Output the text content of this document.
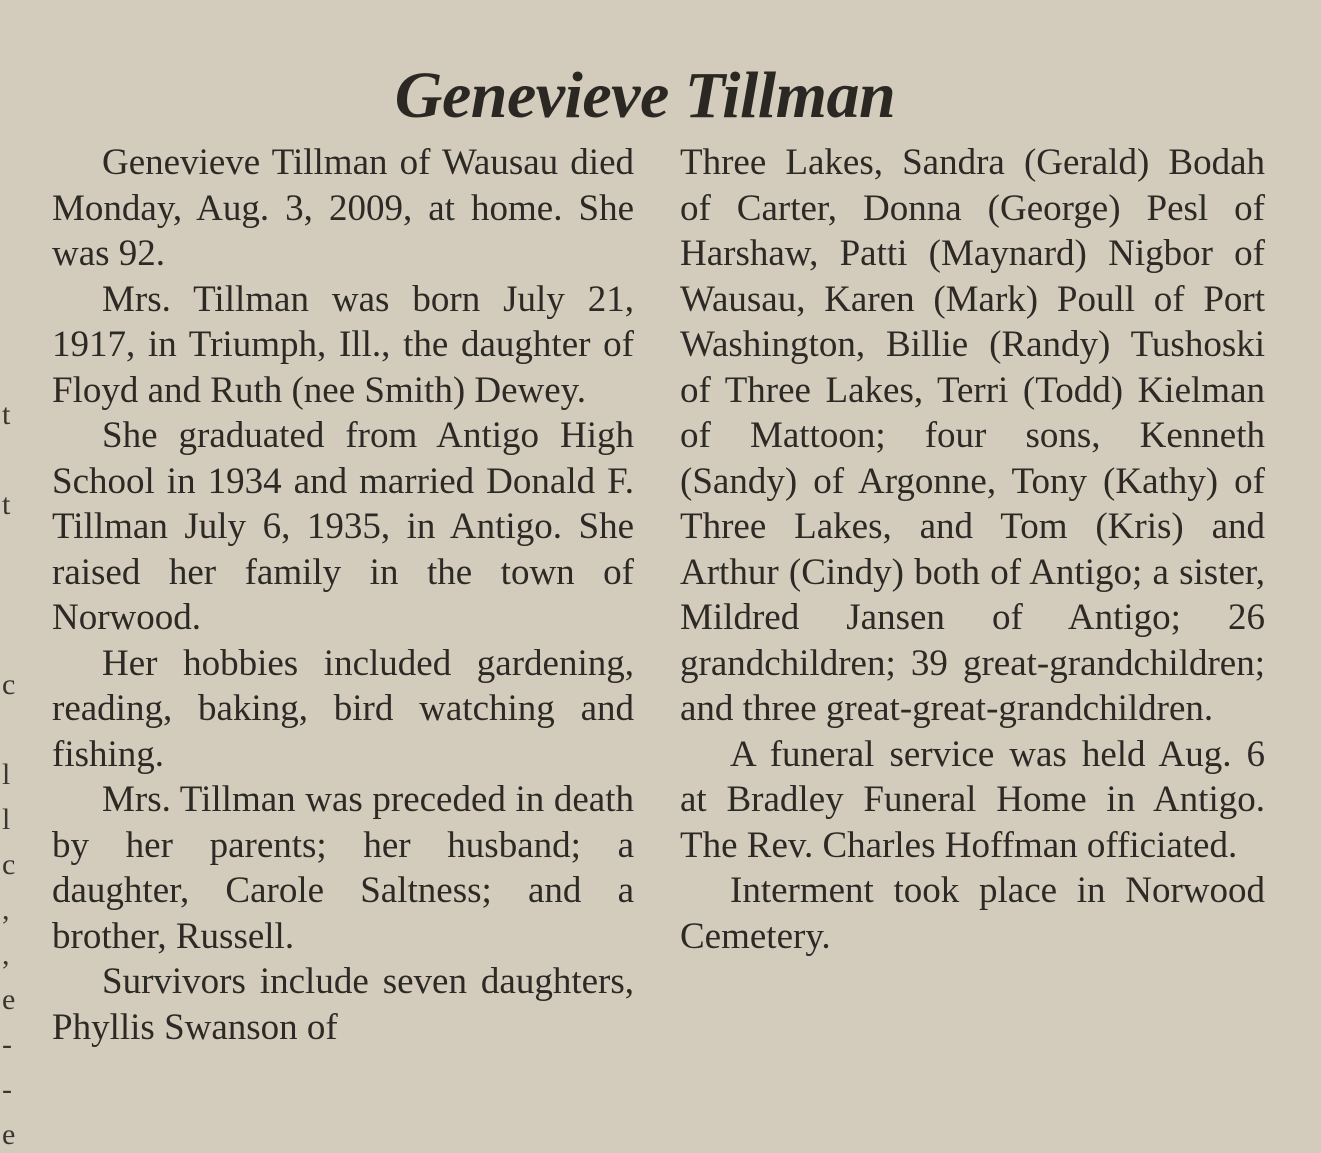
t
t
c
l
l
c
,
,
e
-
-
e
Genevieve Tillman

Genevieve Tillman of Wausau died Monday, Aug. 3, 2009, at home. She was 92.

Mrs. Tillman was born July 21, 1917, in Triumph, Ill., the daughter of Floyd and Ruth (nee Smith) Dewey.

She graduated from Antigo High School in 1934 and married Donald F. Tillman July 6, 1935, in Antigo. She raised her family in the town of Norwood.

Her hobbies included gardening, reading, baking, bird watching and fishing.

Mrs. Tillman was preceded in death by her parents; her husband; a daughter, Carole Saltness; and a brother, Russell.

Survivors include seven daughters, Phyllis Swanson of

Three Lakes, Sandra (Gerald) Bodah of Carter, Donna (George) Pesl of Harshaw, Patti (Maynard) Nigbor of Wausau, Karen (Mark) Poull of Port Washington, Billie (Randy) Tushoski of Three Lakes, Terri (Todd) Kielman of Mattoon; four sons, Kenneth (Sandy) of Argonne, Tony (Kathy) of Three Lakes, and Tom (Kris) and Arthur (Cindy) both of Antigo; a sister, Mildred Jansen of Antigo; 26 grandchildren; 39 great-grandchildren; and three great-great-grandchildren.

A funeral service was held Aug. 6 at Bradley Funeral Home in Antigo. The Rev. Charles Hoffman officiated.

Interment took place in Norwood Cemetery.
